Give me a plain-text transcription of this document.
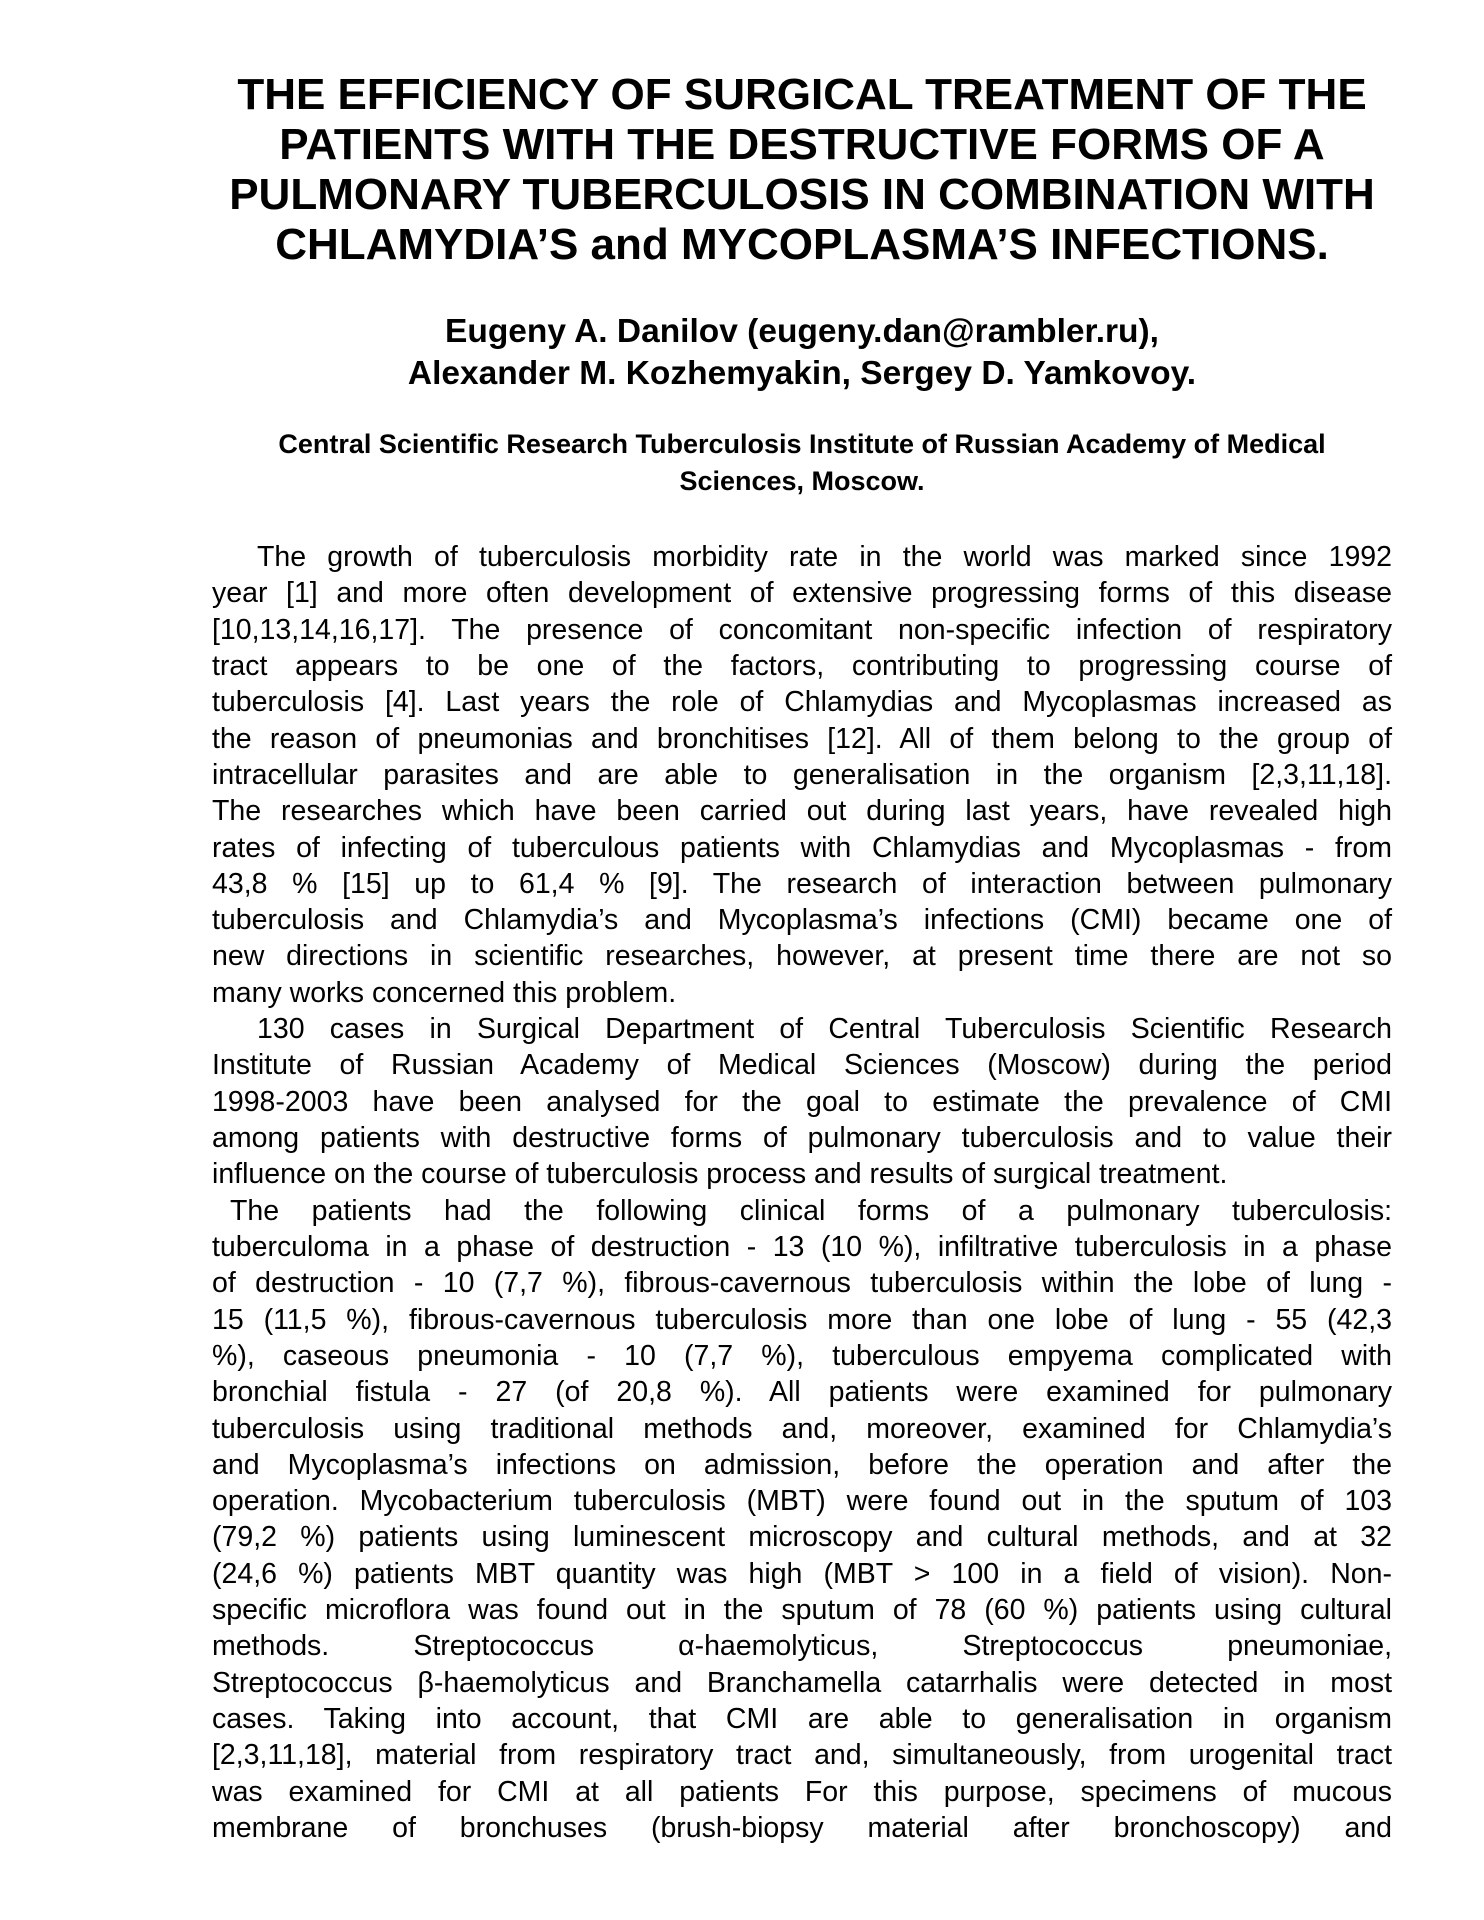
THE EFFICIENCY OF SURGICAL TREATMENT OF THE
PATIENTS WITH THE DESTRUCTIVE FORMS OF A
PULMONARY TUBERCULOSIS IN COMBINATION WITH
CHLAMYDIA’S and MYCOPLASMA’S INFECTIONS.
Eugeny A. Danilov (eugeny.dan@rambler.ru),
Alexander M. Kozhemyakin, Sergey D. Yamkovoy.
Central Scientific Research Tuberculosis Institute of Russian Academy of Medical
Sciences, Moscow.
The growth of tuberculosis morbidity rate in the world was marked since 1992
year [1] and more often development of extensive progressing forms of this disease
[10,13,14,16,17]. The presence of concomitant non-specific infection of respiratory
tract appears to be one of the factors, contributing to progressing course of
tuberculosis [4]. Last years the role of Chlamydias and Mycoplasmas increased as
the reason of pneumonias and bronchitises [12]. All of them belong to the group of
intracellular parasites and are able to generalisation in the organism [2,3,11,18].
The researches which have been carried out during last years, have revealed high
rates of infecting of tuberculous patients with Chlamydias and Mycoplasmas - from
43,8 % [15] up to 61,4 % [9]. The research of interaction between pulmonary
tuberculosis and Chlamydia’s and Mycoplasma’s infections (CMI) became one of
new directions in scientific researches, however, at present time there are not so
many works concerned this problem.
130 cases in Surgical Department of Central Tuberculosis Scientific Research
Institute of Russian Academy of Medical Sciences (Moscow) during the period
1998-2003 have been analysed for the goal to estimate the prevalence of CMI
among patients with destructive forms of pulmonary tuberculosis and to value their
influence on the course of tuberculosis process and results of surgical treatment.
The patients had the following clinical forms of a pulmonary tuberculosis:
tuberculoma in a phase of destruction - 13 (10 %), infiltrative tuberculosis in a phase
of destruction - 10 (7,7 %), fibrous-cavernous tuberculosis within the lobe of lung -
15 (11,5 %), fibrous-cavernous tuberculosis more than one lobe of lung - 55 (42,3
%), caseous pneumonia - 10 (7,7 %), tuberculous empyema complicated with
bronchial fistula - 27 (of 20,8 %). All patients were examined for pulmonary
tuberculosis using traditional methods and, moreover, examined for Chlamydia’s
and Mycoplasma’s infections on admission, before the operation and after the
operation. Mycobacterium tuberculosis (MBT) were found out in the sputum of 103
(79,2 %) patients using luminescent microscopy and cultural methods, and at 32
(24,6 %) patients MBT quantity was high (MBT > 100 in a field of vision). Non-
specific microflora was found out in the sputum of 78 (60 %) patients using cultural
methods. Streptococcus α-haemolyticus, Streptococcus pneumoniae,
Streptococcus β-haemolyticus and Branchamella catarrhalis were detected in most
cases. Taking into account, that CMI are able to generalisation in organism
[2,3,11,18], material from respiratory tract and, simultaneously, from urogenital tract
was examined for CMI at all patients For this purpose, specimens of mucous
membrane of bronchuses (brush-biopsy material after bronchoscopy) and
